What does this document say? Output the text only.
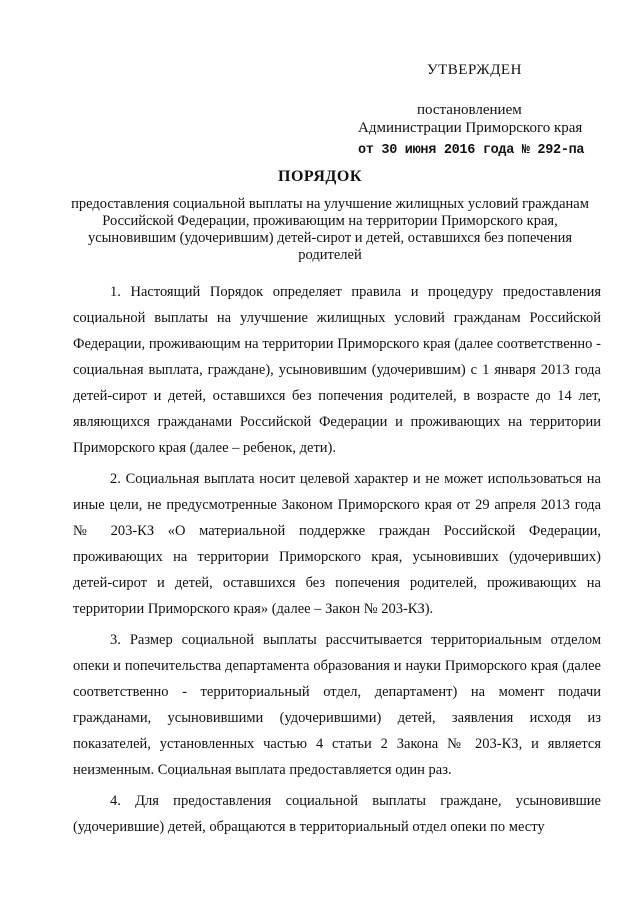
УТВЕРЖДЕН
постановлением
Администрации Приморского края
от 30 июня 2016 года № 292-па
ПОРЯДОК
предоставления социальной выплаты на улучшение жилищных условий гражданам Российской Федерации, проживающим на территории Приморского края, усыновившим (удочерившим) детей-сирот и детей, оставшихся без попечения родителей

1. Настоящий Порядок определяет правила и процедуру предоставления социальной выплаты на улучшение жилищных условий гражданам Российской Федерации, проживающим на территории Приморского края (далее соответственно - социальная выплата, граждане), усыновившим (удочерившим) с 1 января 2013 года детей-сирот и детей, оставшихся без попечения родителей, в возрасте до 14 лет, являющихся гражданами Российской Федерации и проживающих на территории Приморского края (далее – ребенок, дети).

2. Социальная выплата носит целевой характер и не может использоваться на иные цели, не предусмотренные Законом Приморского края от 29 апреля 2013 года № 203-КЗ «О материальной поддержке граждан Российской Федерации, проживающих на территории Приморского края, усыновивших (удочеривших) детей-сирот и детей, оставшихся без попечения родителей, проживающих на территории Приморского края» (далее – Закон № 203-КЗ).

3. Размер социальной выплаты рассчитывается территориальным отделом опеки и попечительства департамента образования и науки Приморского края (далее соответственно - территориальный отдел, департамент) на момент подачи гражданами, усыновившими (удочерившими) детей, заявления исходя из показателей, установленных частью 4 статьи 2 Закона № 203-КЗ, и является неизменным. Социальная выплата предоставляется один раз.

4. Для предоставления социальной выплаты граждане, усыновившие (удочерившие) детей, обращаются в территориальный отдел опеки по месту
